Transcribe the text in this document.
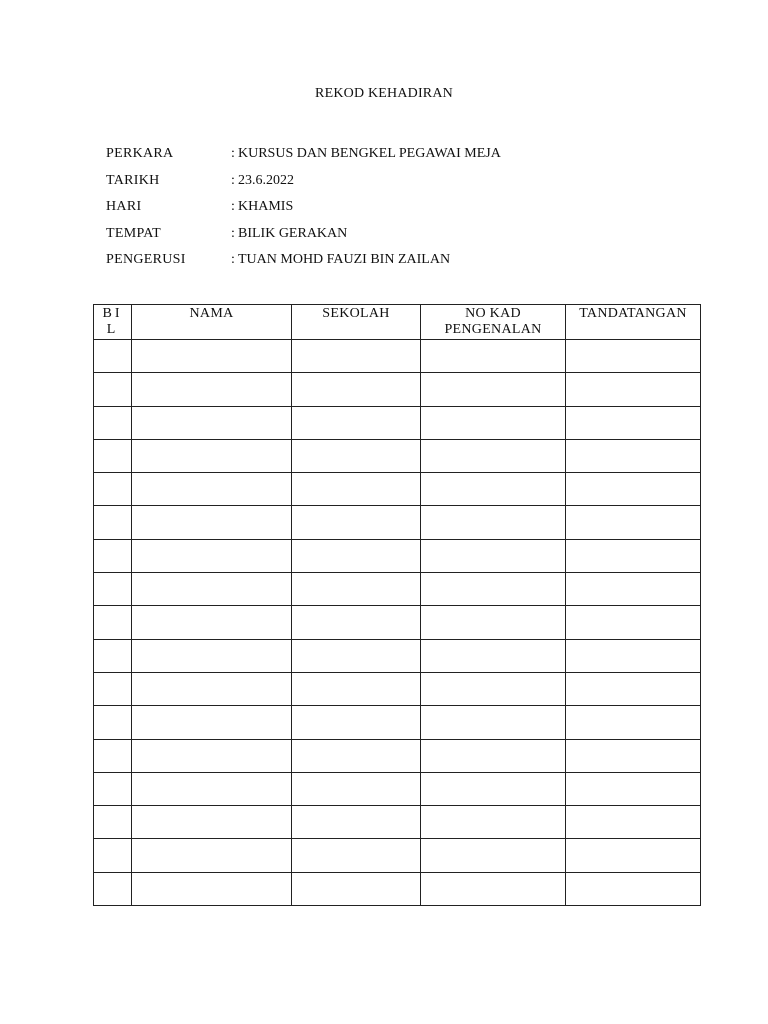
REKOD KEHADIRAN
PERKARA	: KURSUS DAN BENGKEL PEGAWAI MEJA
TARIKH	: 23.6.2022
HARI	: KHAMIS
TEMPAT	: BILIK GERAKAN
PENGERUSI	: TUAN MOHD FAUZI BIN ZAILAN
BIL	NAMA	SEKOLAH	NO KAD PENGENALAN	TANDATANGAN
